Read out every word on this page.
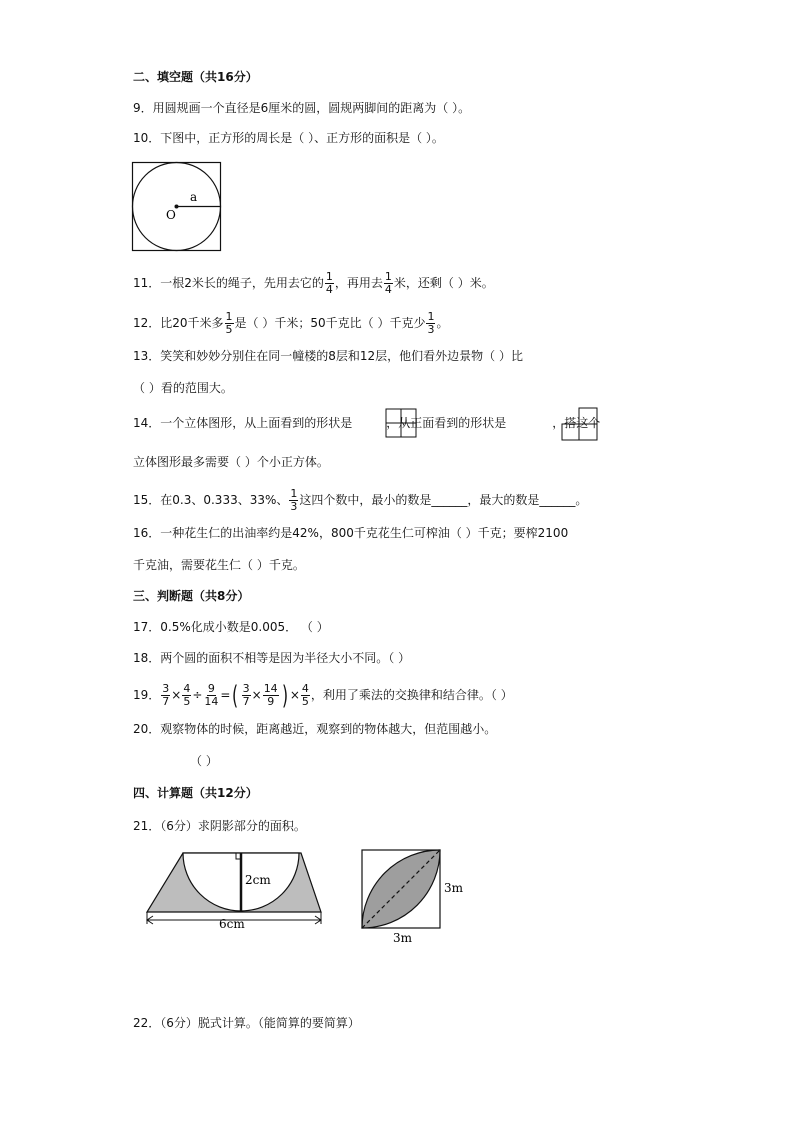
二、填空题（共16分）
9．用圆规画一个直径是6厘米的圆，圆规两脚间的距离为（ ）。
10．下图中，正方形的周长是（ ）、正方形的面积是（ ）。
a
O
11．一根2米长的绳子，先用去它的 $\frac{1}{4}$ ，再用去 $\frac{1}{4}$ 米，还剩（ ）米。
12．比20千米多 $\frac{1}{5}$ 是（ ）千米；50千克比（ ）千克少 $\frac{1}{3}$ 。
13．笑笑和妙妙分别住在同一幢楼的8层和12层，他们看外边景物（ ）比
（ ）看的范围大。
14．一个立体图形，从上面看到的形状是	，从正面看到的形状是	，搭这个
立体图形最多需要（ ）个小正方体。
15．在0.3、0.333、33%、 $\frac{1}{3}$ 这四个数中，最小的数是______，最大的数是______。
16．一种花生仁的出油率约是42%，800千克花生仁可榨油（ ）千克；要榨2100
千克油，需要花生仁（ ）千克。
三、判断题（共8分）
17．0.5%化成小数是0.005． （ ）
18．两个圆的面积不相等是因为半径大小不同。（ ）
19． $\frac{3}{7} \times \frac{4}{5} \div \frac{9}{14}$ =( $\frac{3}{7} \times \frac{14}{9}$ ) × $\frac{4}{5}$ ，利用了乘法的交换律和结合律。（ ）
20．观察物体的时候，距离越近，观察到的物体越大，但范围越小。
（ ）
四、计算题（共12分）
21．（6分）求阴影部分的面积。
2cm
6cm
3m
3m
22．（6分）脱式计算。（能简算的要简算）
